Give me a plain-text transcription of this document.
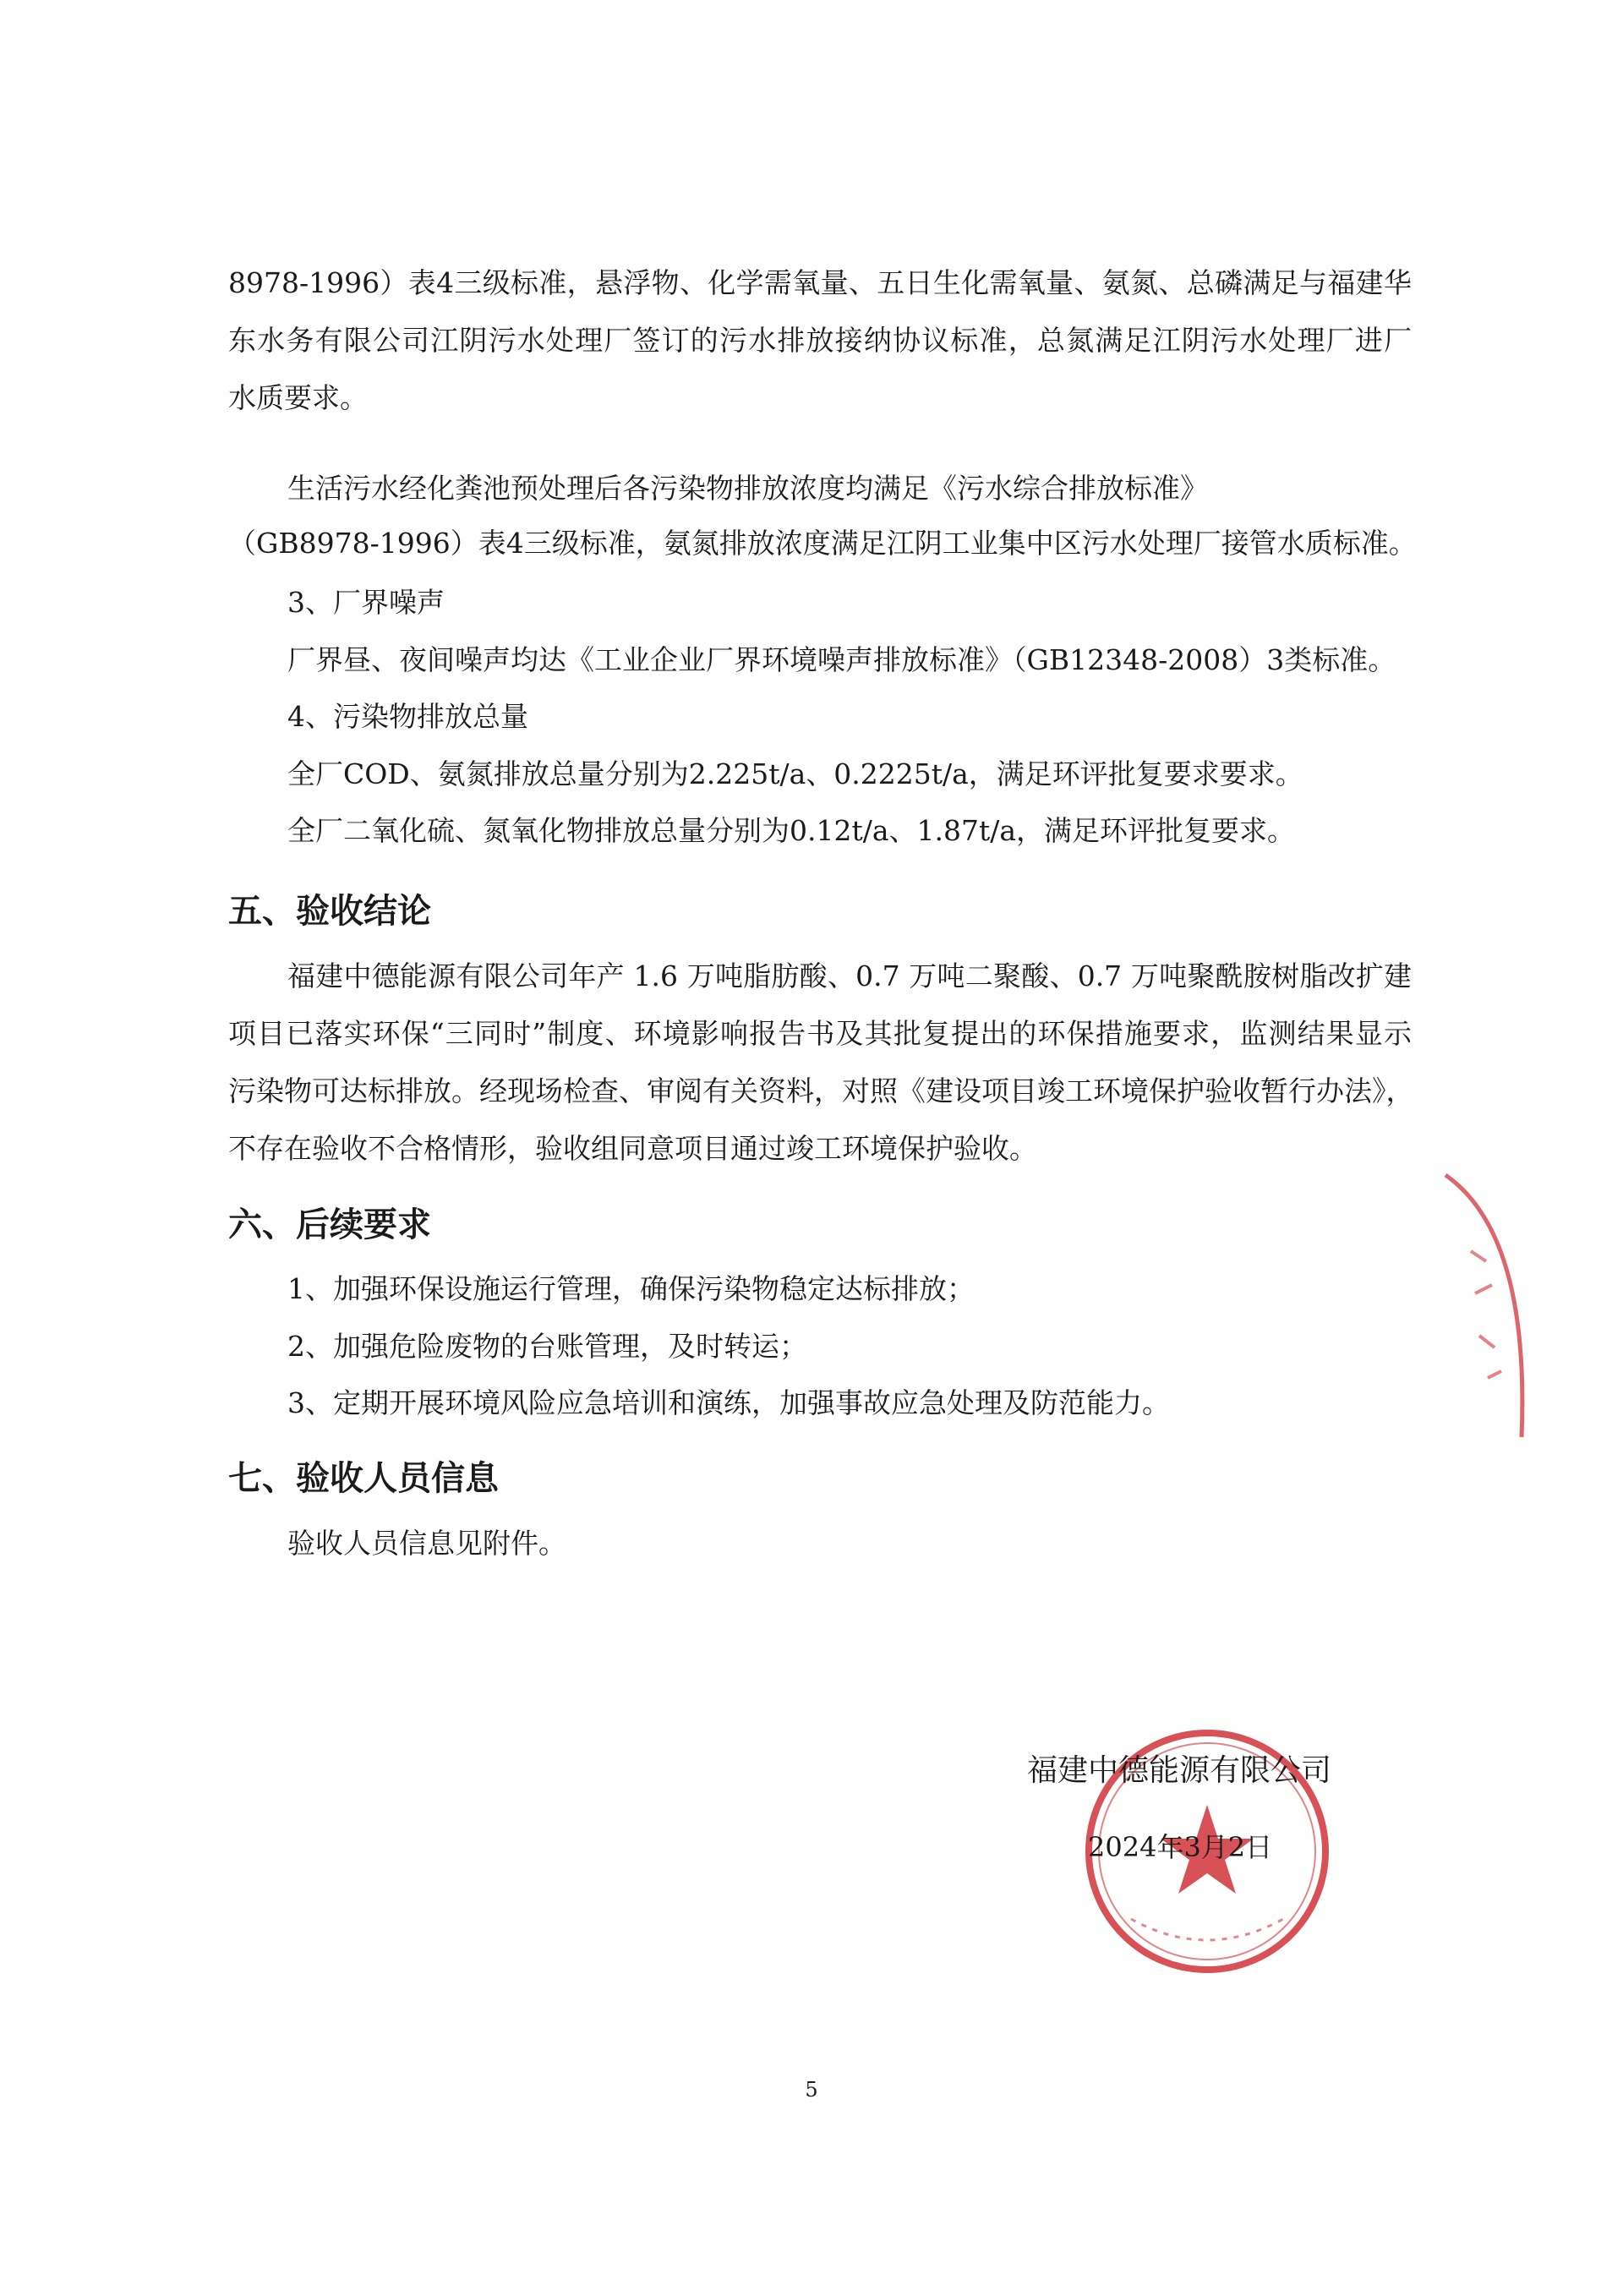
8978-1996）表4三级标准，悬浮物、化学需氧量、五日生化需氧量、氨氮、总磷满足与福建华
东水务有限公司江阴污水处理厂签订的污水排放接纳协议标准，总氮满足江阴污水处理厂进厂
水质要求。
生活污水经化粪池预处理后各污染物排放浓度均满足《污水综合排放标准》
（GB8978-1996）表4三级标准，氨氮排放浓度满足江阴工业集中区污水处理厂接管水质标准。
3、厂界噪声
厂界昼、夜间噪声均达《工业企业厂界环境噪声排放标准》（GB12348-2008）3类标准。
4、污染物排放总量
全厂COD、氨氮排放总量分别为2.225t/a、0.2225t/a，满足环评批复要求要求。
全厂二氧化硫、氮氧化物排放总量分别为0.12t/a、1.87t/a，满足环评批复要求。
五、验收结论
福建中德能源有限公司年产 1.6 万吨脂肪酸、0.7 万吨二聚酸、0.7 万吨聚酰胺树脂改扩建
项目已落实环保“三同时”制度、环境影响报告书及其批复提出的环保措施要求，监测结果显示
污染物可达标排放。经现场检查、审阅有关资料，对照《建设项目竣工环境保护验收暂行办法》，
不存在验收不合格情形，验收组同意项目通过竣工环境保护验收。
六、后续要求
1、加强环保设施运行管理，确保污染物稳定达标排放；
2、加强危险废物的台账管理，及时转运；
3、定期开展环境风险应急培训和演练，加强事故应急处理及防范能力。
七、验收人员信息
验收人员信息见附件。
福建中德能源有限公司
2024年3月2日
5
